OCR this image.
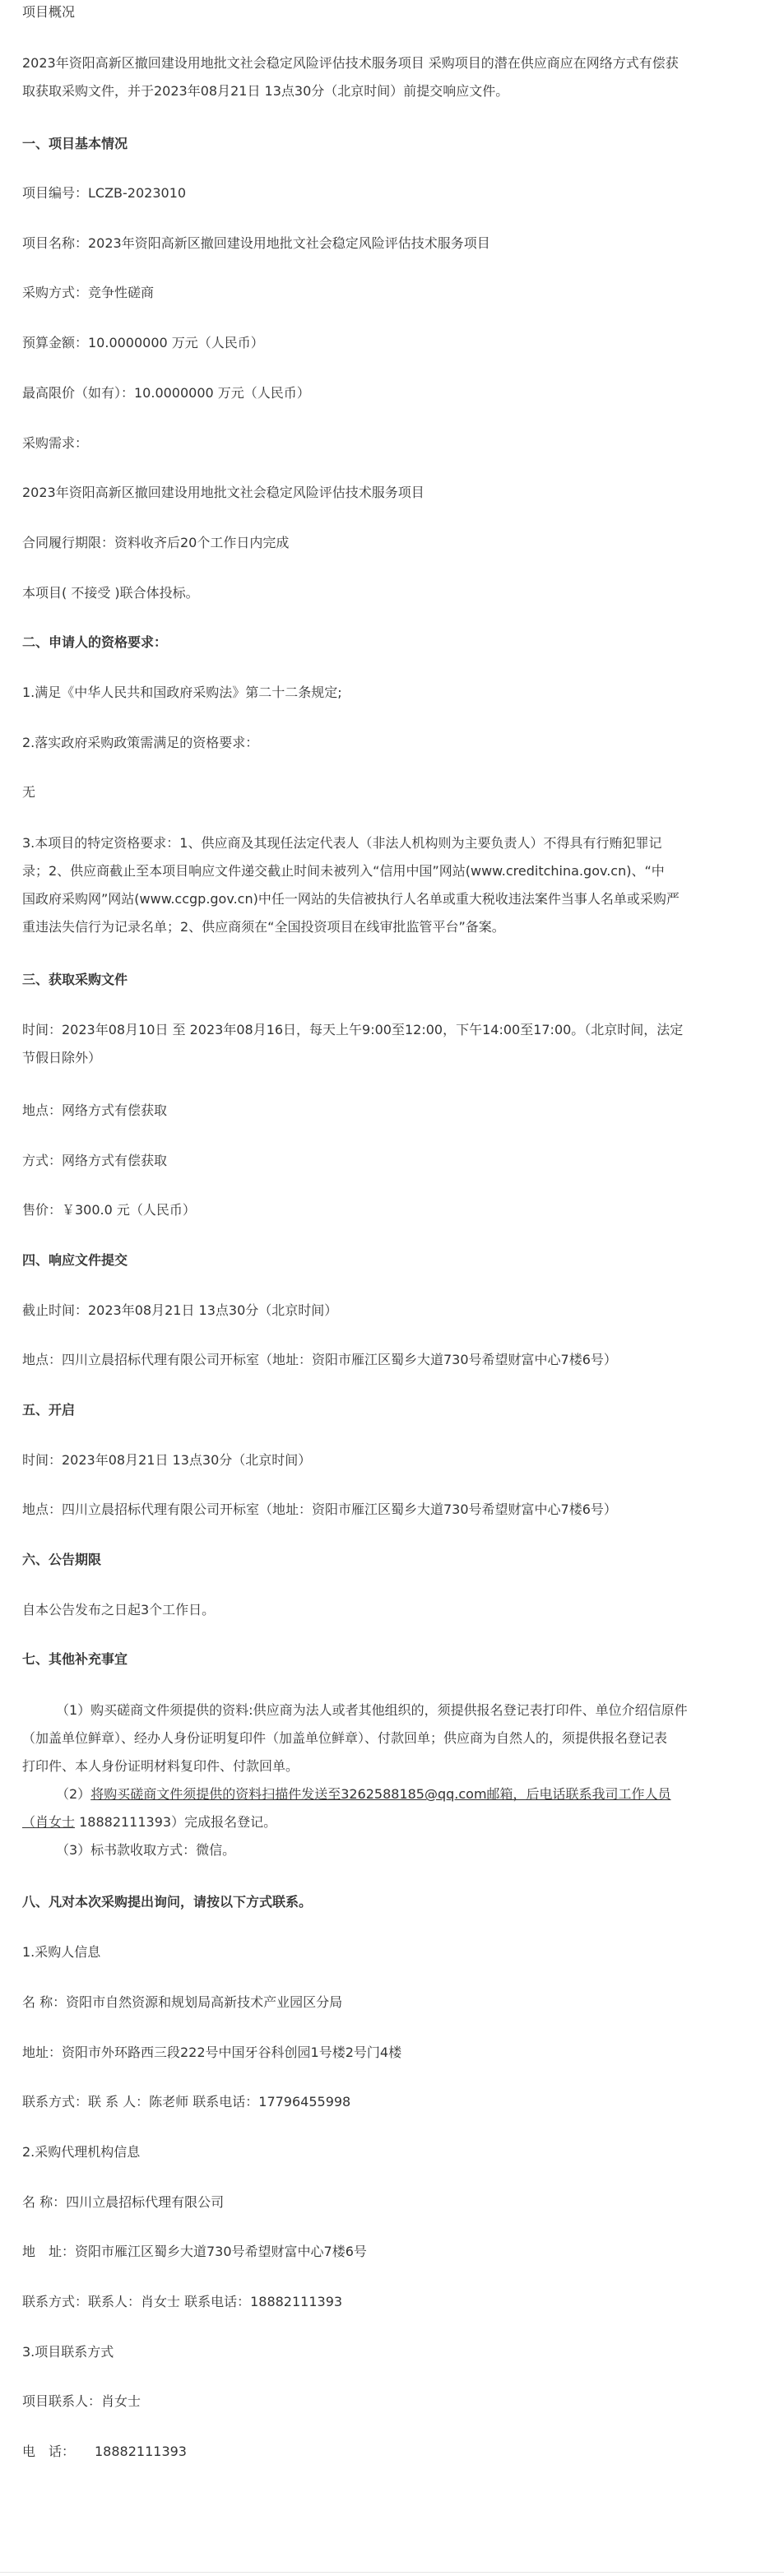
项目概况
2023年资阳高新区撤回建设用地批文社会稳定风险评估技术服务项目 采购项目的潜在供应商应在网络方式有偿获
取获取采购文件，并于2023年08月21日 13点30分（北京时间）前提交响应文件。
一、项目基本情况
项目编号：LCZB-2023010
项目名称：2023年资阳高新区撤回建设用地批文社会稳定风险评估技术服务项目
采购方式：竞争性磋商
预算金额：10.0000000 万元（人民币）
最高限价（如有）：10.0000000 万元（人民币）
采购需求：
2023年资阳高新区撤回建设用地批文社会稳定风险评估技术服务项目
合同履行期限：资料收齐后20个工作日内完成
本项目( 不接受 )联合体投标。
二、申请人的资格要求：
1.满足《中华人民共和国政府采购法》第二十二条规定;
2.落实政府采购政策需满足的资格要求：
无
3.本项目的特定资格要求：1、供应商及其现任法定代表人（非法人机构则为主要负责人）不得具有行贿犯罪记
录；2、供应商截止至本项目响应文件递交截止时间未被列入“信用中国”网站(www.creditchina.gov.cn)、“中
国政府采购网”网站(www.ccgp.gov.cn)中任一网站的失信被执行人名单或重大税收违法案件当事人名单或采购严
重违法失信行为记录名单；2、供应商须在“全国投资项目在线审批监管平台”备案。
三、获取采购文件
时间：2023年08月10日 至 2023年08月16日，每天上午9:00至12:00，下午14:00至17:00。（北京时间，法定
节假日除外）
地点：网络方式有偿获取
方式：网络方式有偿获取
售价：￥300.0 元（人民币）
四、响应文件提交
截止时间：2023年08月21日 13点30分（北京时间）
地点：四川立晨招标代理有限公司开标室（地址：资阳市雁江区蜀乡大道730号希望财富中心7楼6号）
五、开启
时间：2023年08月21日 13点30分（北京时间）
地点：四川立晨招标代理有限公司开标室（地址：资阳市雁江区蜀乡大道730号希望财富中心7楼6号）
六、公告期限
自本公告发布之日起3个工作日。
七、其他补充事宜
（1）购买磋商文件须提供的资料:供应商为法人或者其他组织的，须提供报名登记表打印件、单位介绍信原件
（加盖单位鲜章）、经办人身份证明复印件（加盖单位鲜章）、付款回单；供应商为自然人的，须提供报名登记表
打印件、本人身份证明材料复印件、付款回单。
（2）将购买磋商文件须提供的资料扫描件发送至3262588185@qq.com邮箱，后电话联系我司工作人员
（肖女士 18882111393）完成报名登记。
（3）标书款收取方式：微信。
八、凡对本次采购提出询问，请按以下方式联系。
1.采购人信息
名 称：资阳市自然资源和规划局高新技术产业园区分局
地址：资阳市外环路西三段222号中国牙谷科创园1号楼2号门4楼
联系方式：联 系 人：陈老师 联系电话：17796455998
2.采购代理机构信息
名 称：四川立晨招标代理有限公司
地　址：资阳市雁江区蜀乡大道730号希望财富中心7楼6号
联系方式：联系人：肖女士 联系电话：18882111393
3.项目联系方式
项目联系人：肖女士
电　话：　　18882111393
